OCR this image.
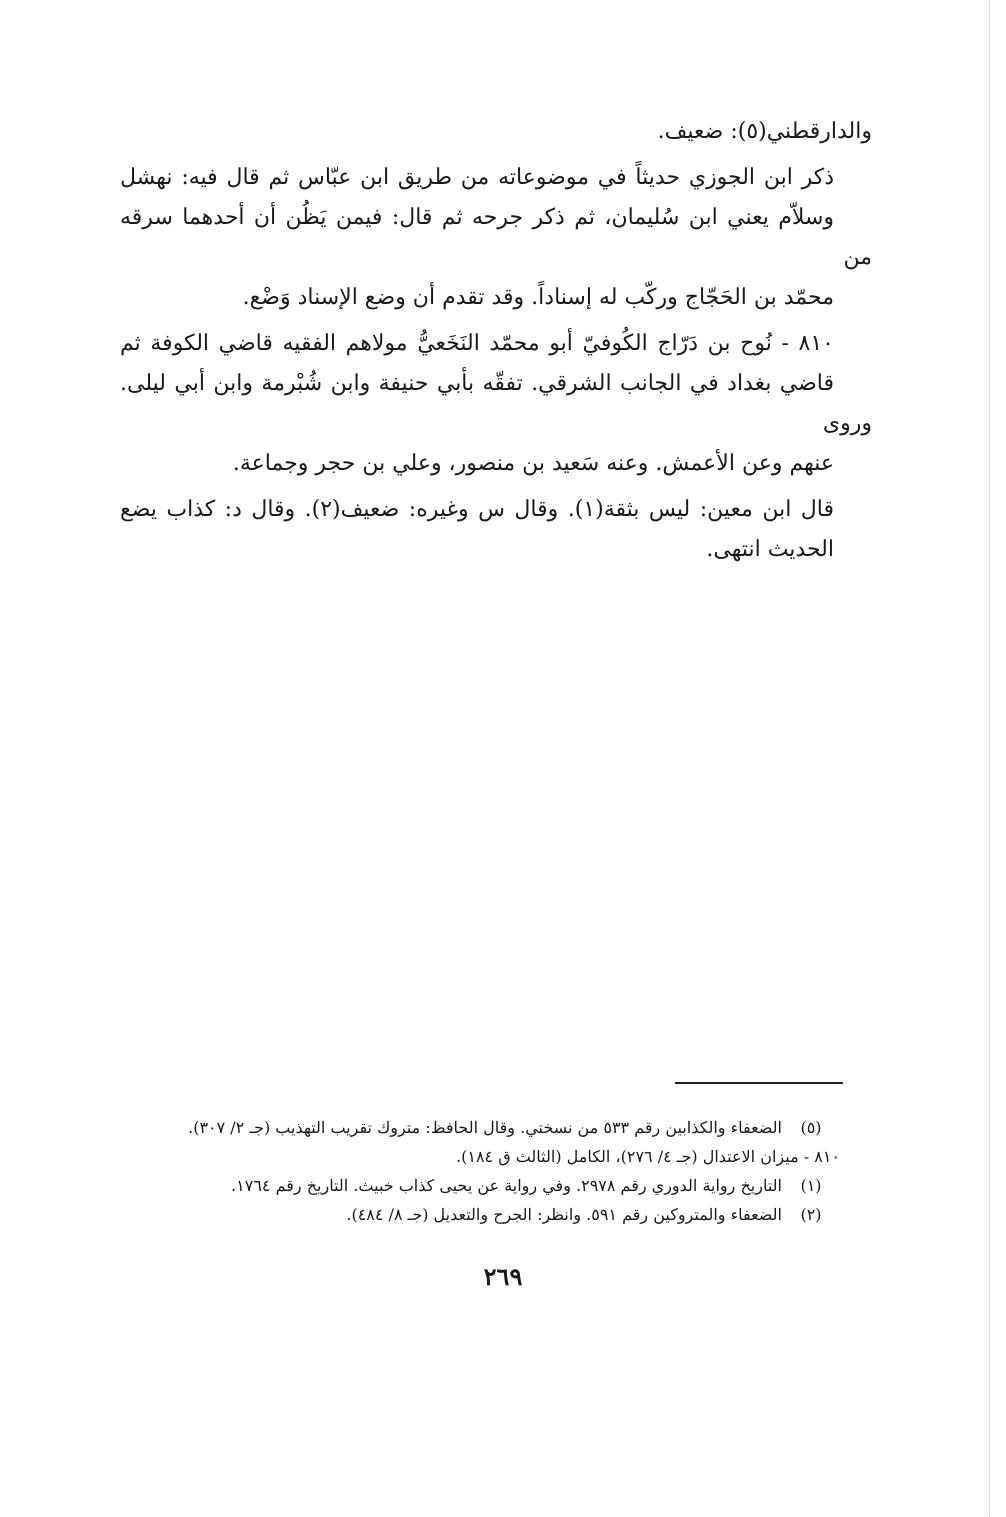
والدارقطني(٥): ضعيف.

ذكر ابن الجوزي حديثاً في موضوعاته من طريق ابن عبّاس ثم قال فيه: نهشل
وسلاّم يعني ابن سُليمان، ثم ذكر جرحه ثم قال: فيمن يَظُن أن أحدهما سرقه من
محمّد بن الحَجّاج وركّب له إسناداً. وقد تقدم أن وضع الإسناد وَضْع.

٨١٠ - نُوح بن دَرّاج الكُوفيّ أبو محمّد النَخَعيُّ مولاهم الفقيه قاضي الكوفة ثم
قاضي بغداد في الجانب الشرقي. تفقّه بأبي حنيفة وابن شُبْرمة وابن أبي ليلى. وروى
عنهم وعن الأعمش. وعنه سَعيد بن منصور، وعلي بن حجر وجماعة.

قال ابن معين: ليس بثقة(١). وقال س وغيره: ضعيف(٢). وقال د: كذاب يضع
الحديث انتهى.

(٥)
الضعفاء والكذابين رقم ٥٣٣ من نسختي. وقال الحافظ: متروك تقريب التهذيب (جـ ٢/ ٣٠٧).
٨١٠ - ميزان الاعتدال (جـ ٤/ ٢٧٦)، الكامل (الثالث ق ١٨٤).
(١)
التاريخ رواية الدوري رقم ٢٩٧٨. وفي رواية عن يحيى كذاب خبيث. التاريخ رقم ١٧٦٤.
(٢)
الضعفاء والمتروكين رقم ٥٩١. وانظر: الجرح والتعديل (جـ ٨/ ٤٨٤).
٢٦٩
